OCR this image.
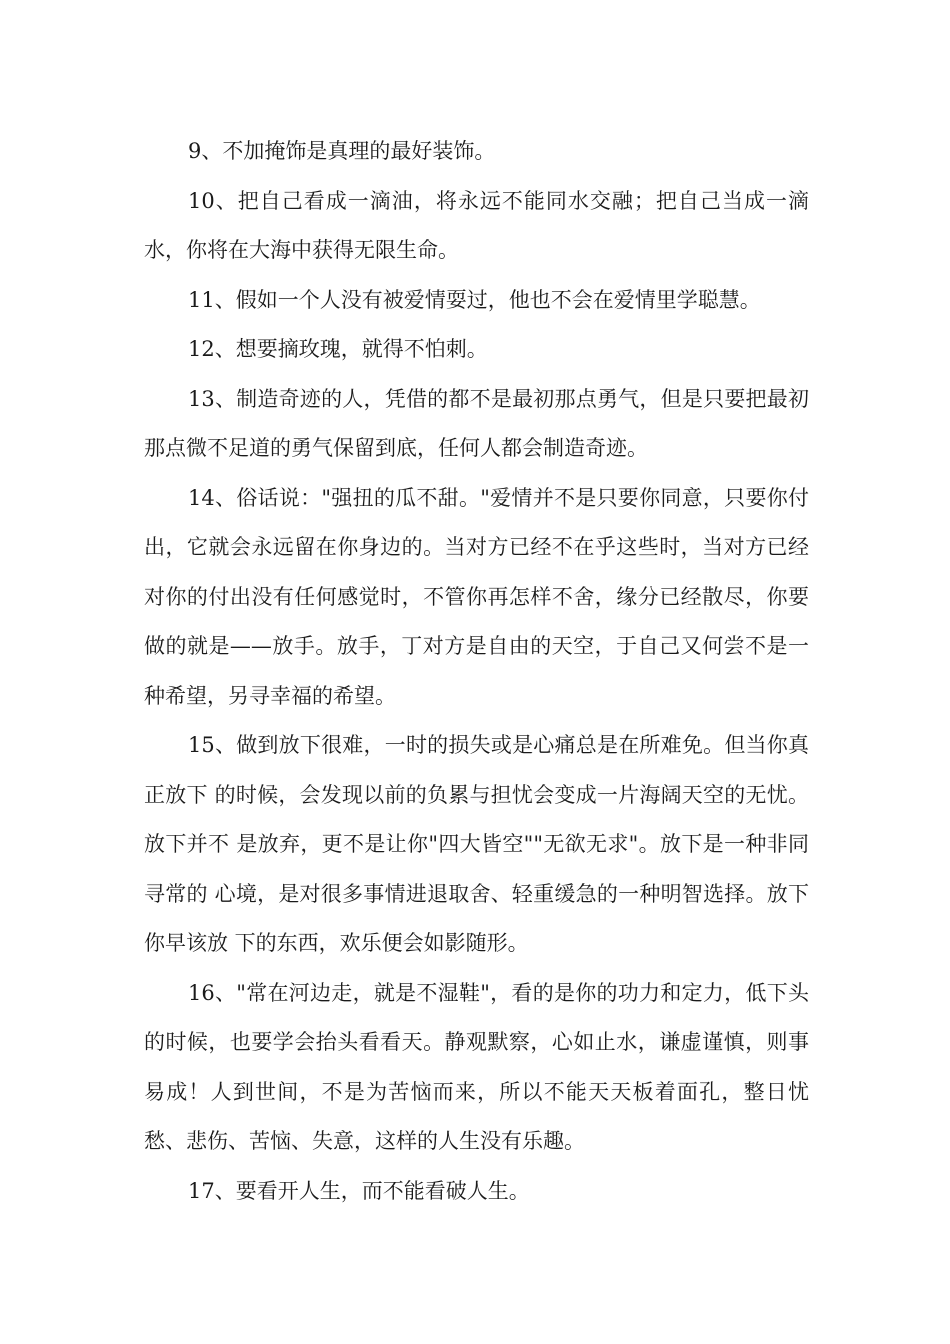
9、不加掩饰是真理的最好装饰。

10、把自己看成一滴油，将永远不能同水交融；把自己当成一滴水，你将在大海中获得无限生命。

11、假如一个人没有被爱情耍过，他也不会在爱情里学聪慧。

12、想要摘玫瑰，就得不怕刺。

13、制造奇迹的人，凭借的都不是最初那点勇气，但是只要把最初那点微不足道的勇气保留到底，任何人都会制造奇迹。

14、俗话说："强扭的瓜不甜。"爱情并不是只要你同意，只要你付出，它就会永远留在你身边的。当对方已经不在乎这些时，当对方已经对你的付出没有任何感觉时，不管你再怎样不舍，缘分已经散尽，你要做的就是——放手。放手，丁对方是自由的天空，于自己又何尝不是一种希望，另寻幸福的希望。

15、做到放下很难，一时的损失或是心痛总是在所难免。但当你真正放下 的时候，会发现以前的负累与担忧会变成一片海阔天空的无忧。放下并不 是放弃，更不是让你"四大皆空""无欲无求"。放下是一种非同寻常的 心境，是对很多事情进退取舍、轻重缓急的一种明智选择。放下你早该放 下的东西，欢乐便会如影随形。

16、"常在河边走，就是不湿鞋"，看的是你的功力和定力，低下头的时候，也要学会抬头看看天。静观默察，心如止水，谦虚谨慎，则事易成！人到世间，不是为苦恼而来，所以不能天天板着面孔，整日忧愁、悲伤、苦恼、失意，这样的人生没有乐趣。

17、要看开人生，而不能看破人生。
